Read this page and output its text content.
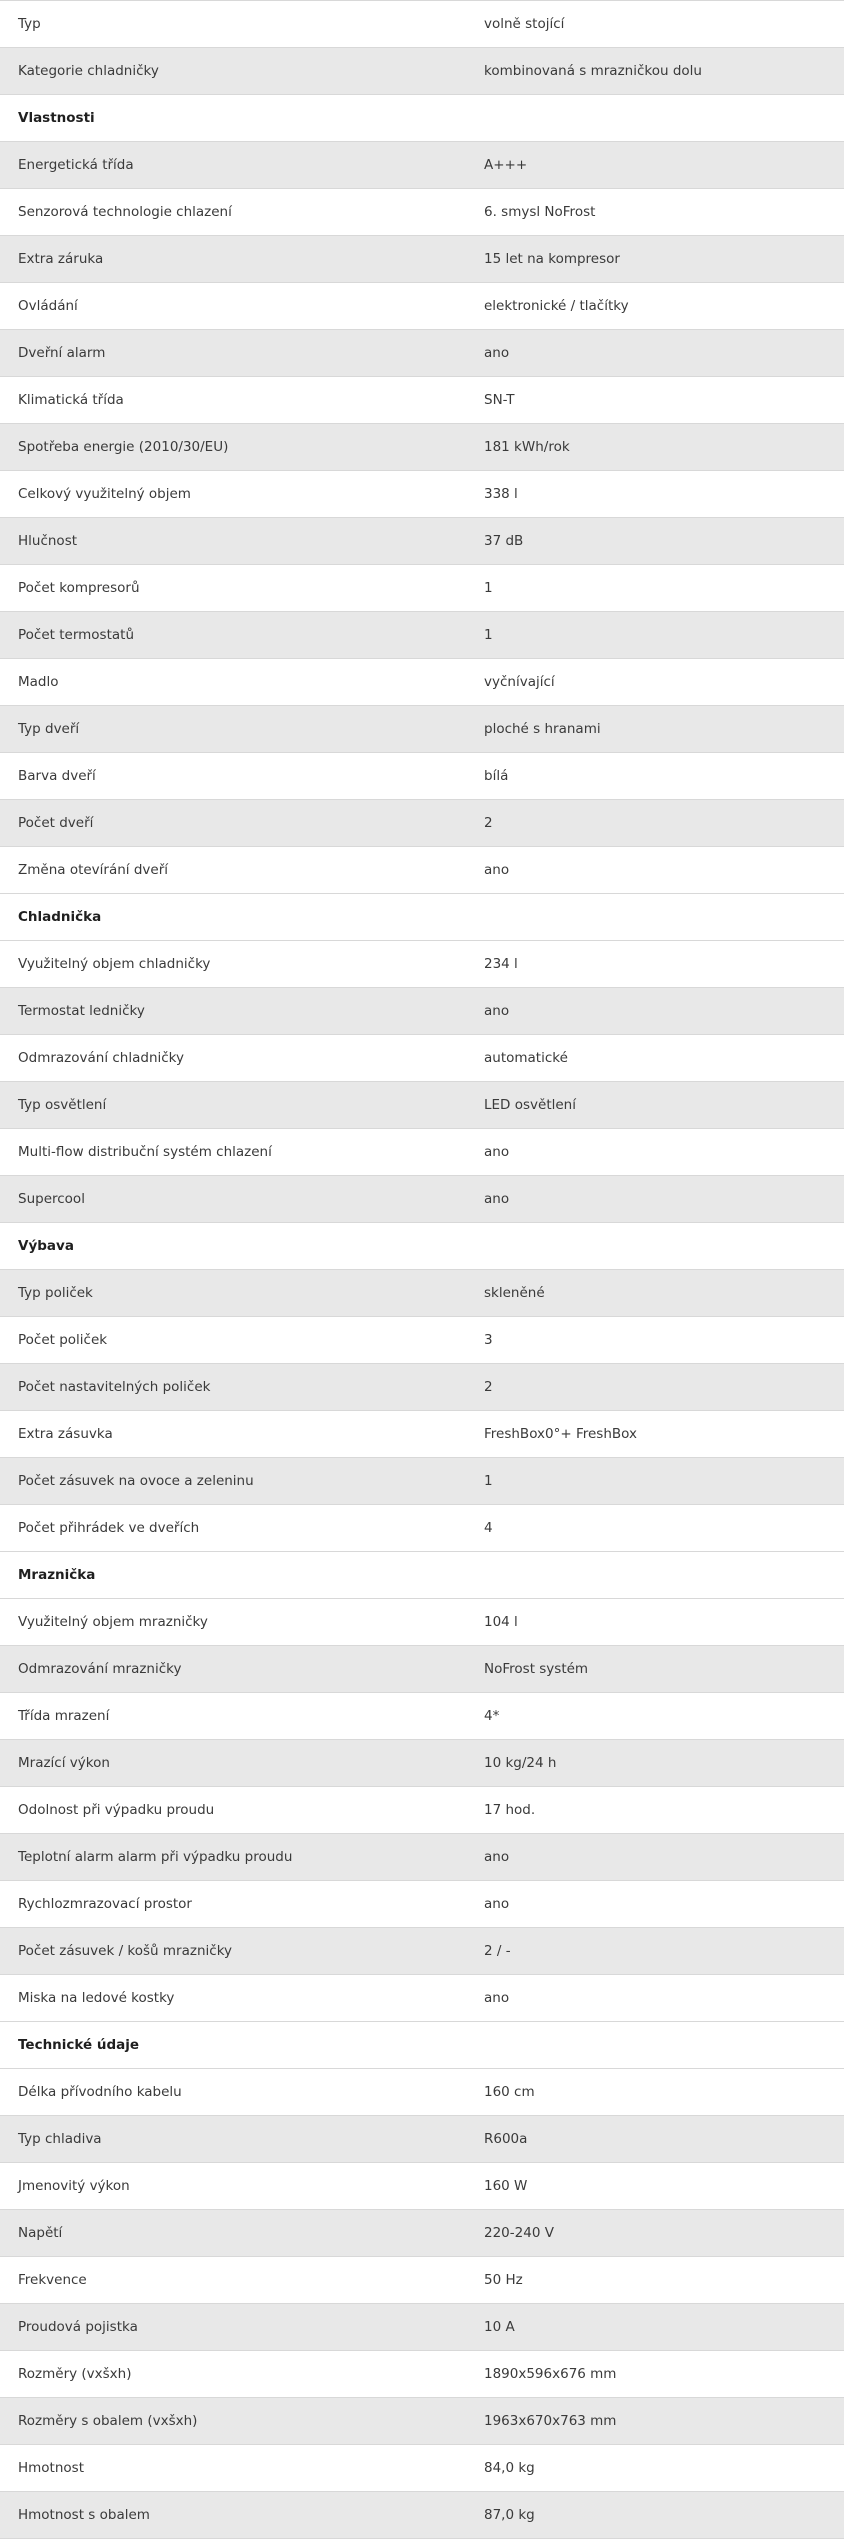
Typ	volně stojící
Kategorie chladničky	kombinovaná s mrazničkou dolu
Vlastnosti	
Energetická třída	A+++
Senzorová technologie chlazení	6. smysl NoFrost
Extra záruka	15 let na kompresor
Ovládání	elektronické / tlačítky
Dveřní alarm	ano
Klimatická třída	SN-T
Spotřeba energie (2010/30/EU)	181 kWh/rok
Celkový využitelný objem	338 l
Hlučnost	37 dB
Počet kompresorů	1
Počet termostatů	1
Madlo	vyčnívající
Typ dveří	ploché s hranami
Barva dveří	bílá
Počet dveří	2
Změna otevírání dveří	ano
Chladnička	
Využitelný objem chladničky	234 l
Termostat ledničky	ano
Odmrazování chladničky	automatické
Typ osvětlení	LED osvětlení
Multi-flow distribuční systém chlazení	ano
Supercool	ano
Výbava	
Typ poliček	skleněné
Počet poliček	3
Počet nastavitelných poliček	2
Extra zásuvka	FreshBox0°+ FreshBox
Počet zásuvek na ovoce a zeleninu	1
Počet přihrádek ve dveřích	4
Mraznička	
Využitelný objem mrazničky	104 l
Odmrazování mrazničky	NoFrost systém
Třída mrazení	4*
Mrazící výkon	10 kg/24 h
Odolnost při výpadku proudu	17 hod.
Teplotní alarm alarm při výpadku proudu	ano
Rychlozmrazovací prostor	ano
Počet zásuvek / košů mrazničky	2 / -
Miska na ledové kostky	ano
Technické údaje	
Délka přívodního kabelu	160 cm
Typ chladiva	R600a
Jmenovitý výkon	160 W
Napětí	220-240 V
Frekvence	50 Hz
Proudová pojistka	10 A
Rozměry (vxšxh)	1890x596x676 mm
Rozměry s obalem (vxšxh)	1963x670x763 mm
Hmotnost	84,0 kg
Hmotnost s obalem	87,0 kg
